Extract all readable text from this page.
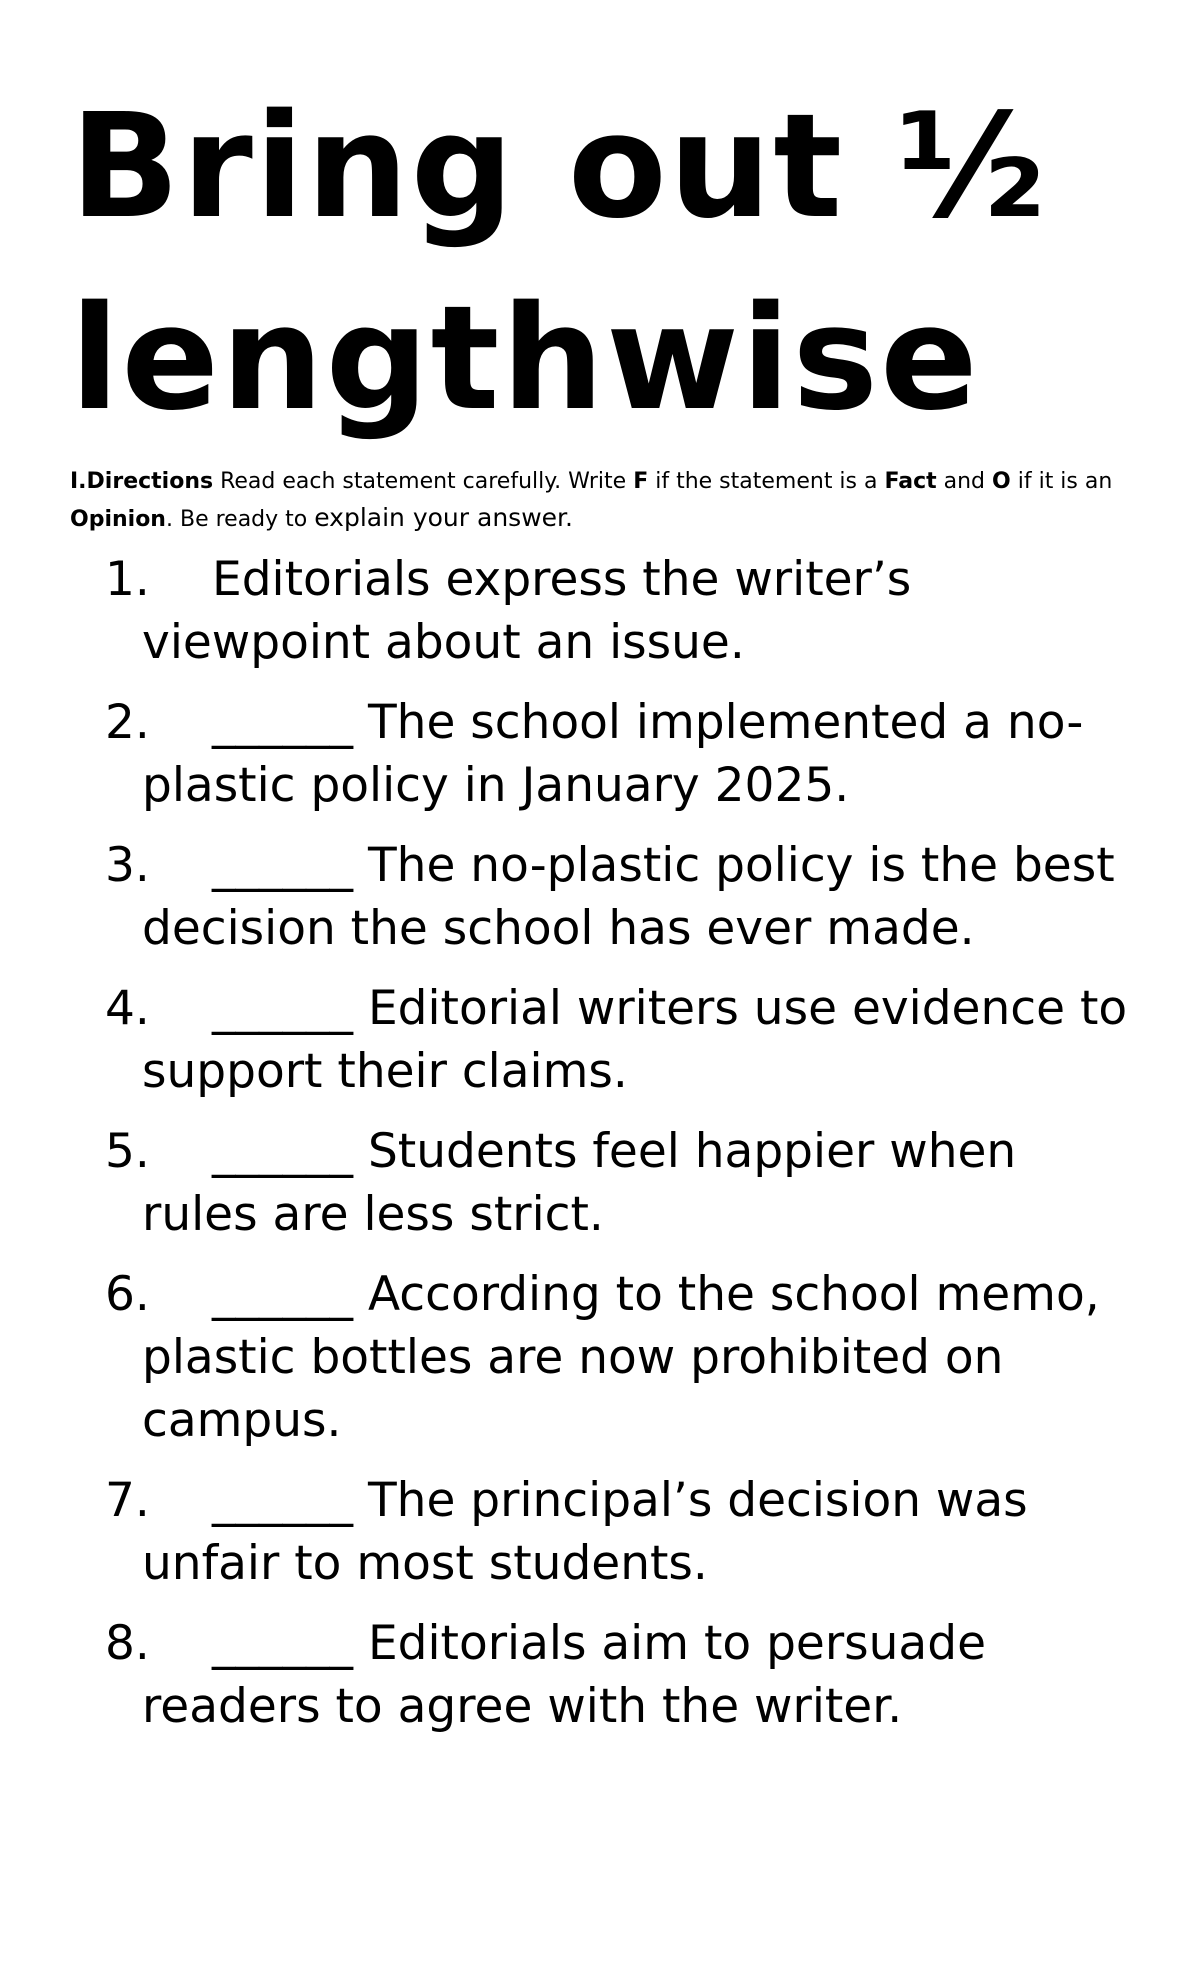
Bring out ½ lengthwise

I.Directions Read each statement carefully. Write F if the statement is a Fact and O if it is an Opinion. Be ready to explain your answer.

1.	Editorials express the writer’s viewpoint about an issue.
2.	______ The school implemented a no-plastic policy in January 2025.
3.	______ The no-plastic policy is the best decision the school has ever made.
4.	______ Editorial writers use evidence to support their claims.
5.	______ Students feel happier when rules are less strict.
6.	______ According to the school memo, plastic bottles are now prohibited on campus.
7.	______ The principal’s decision was unfair to most students.
8.	______ Editorials aim to persuade readers to agree with the writer.
